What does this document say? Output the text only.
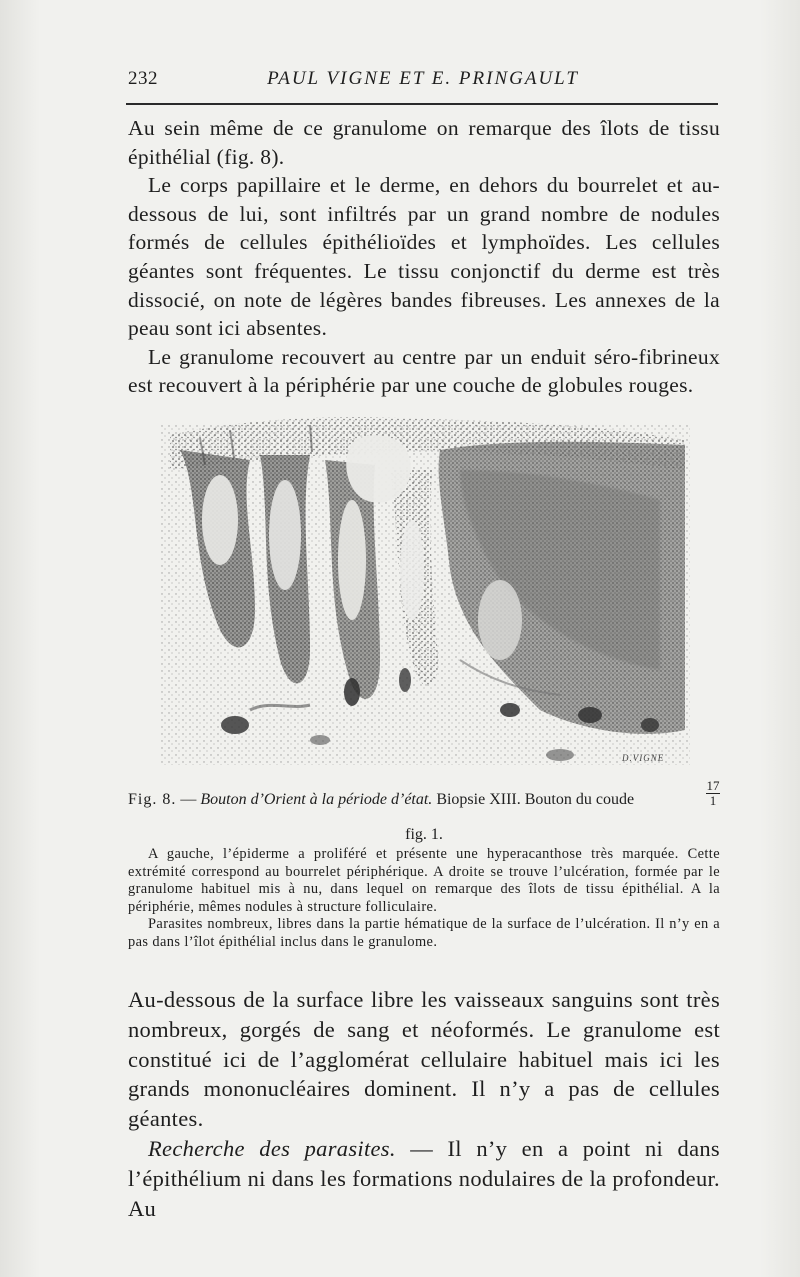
232	PAUL VIGNE ET E. PRINGAULT

Au sein même de ce granulome on remarque des îlots de tissu épithélial (fig. 8).

Le corps papillaire et le derme, en dehors du bourrelet et au-dessous de lui, sont infiltrés par un grand nombre de nodules formés de cellules épithélioïdes et lymphoïdes. Les cellules géantes sont fréquentes. Le tissu conjonctif du derme est très dissocié, on note de légères bandes fibreuses. Les annexes de la peau sont ici absentes.

Le granulome recouvert au centre par un enduit séro-fibrineux est recouvert à la périphérie par une couche de globules rouges.

D.VIGNE
Fig. 8. — Bouton d’Orient à la période d’état. Biopsie XIII. Bouton du coude	$\frac{17}{1}$
fig. 1.

A gauche, l’épiderme a proliféré et présente une hyperacanthose très marquée. Cette extrémité correspond au bourrelet périphérique. A droite se trouve l’ulcération, formée par le granulome habituel mis à nu, dans lequel on remarque des îlots de tissu épithélial. A la périphérie, mêmes nodules à structure folliculaire.

Parasites nombreux, libres dans la partie hématique de la surface de l’ulcération. Il n’y en a pas dans l’îlot épithélial inclus dans le granulome.

Au-dessous de la surface libre les vaisseaux sanguins sont très nombreux, gorgés de sang et néoformés. Le granulome est constitué ici de l’agglomérat cellulaire habituel mais ici les grands mononucléaires dominent. Il n’y a pas de cellules géantes.

Recherche des parasites. — Il n’y en a point ni dans l’épithélium ni dans les formations nodulaires de la profondeur. Au
